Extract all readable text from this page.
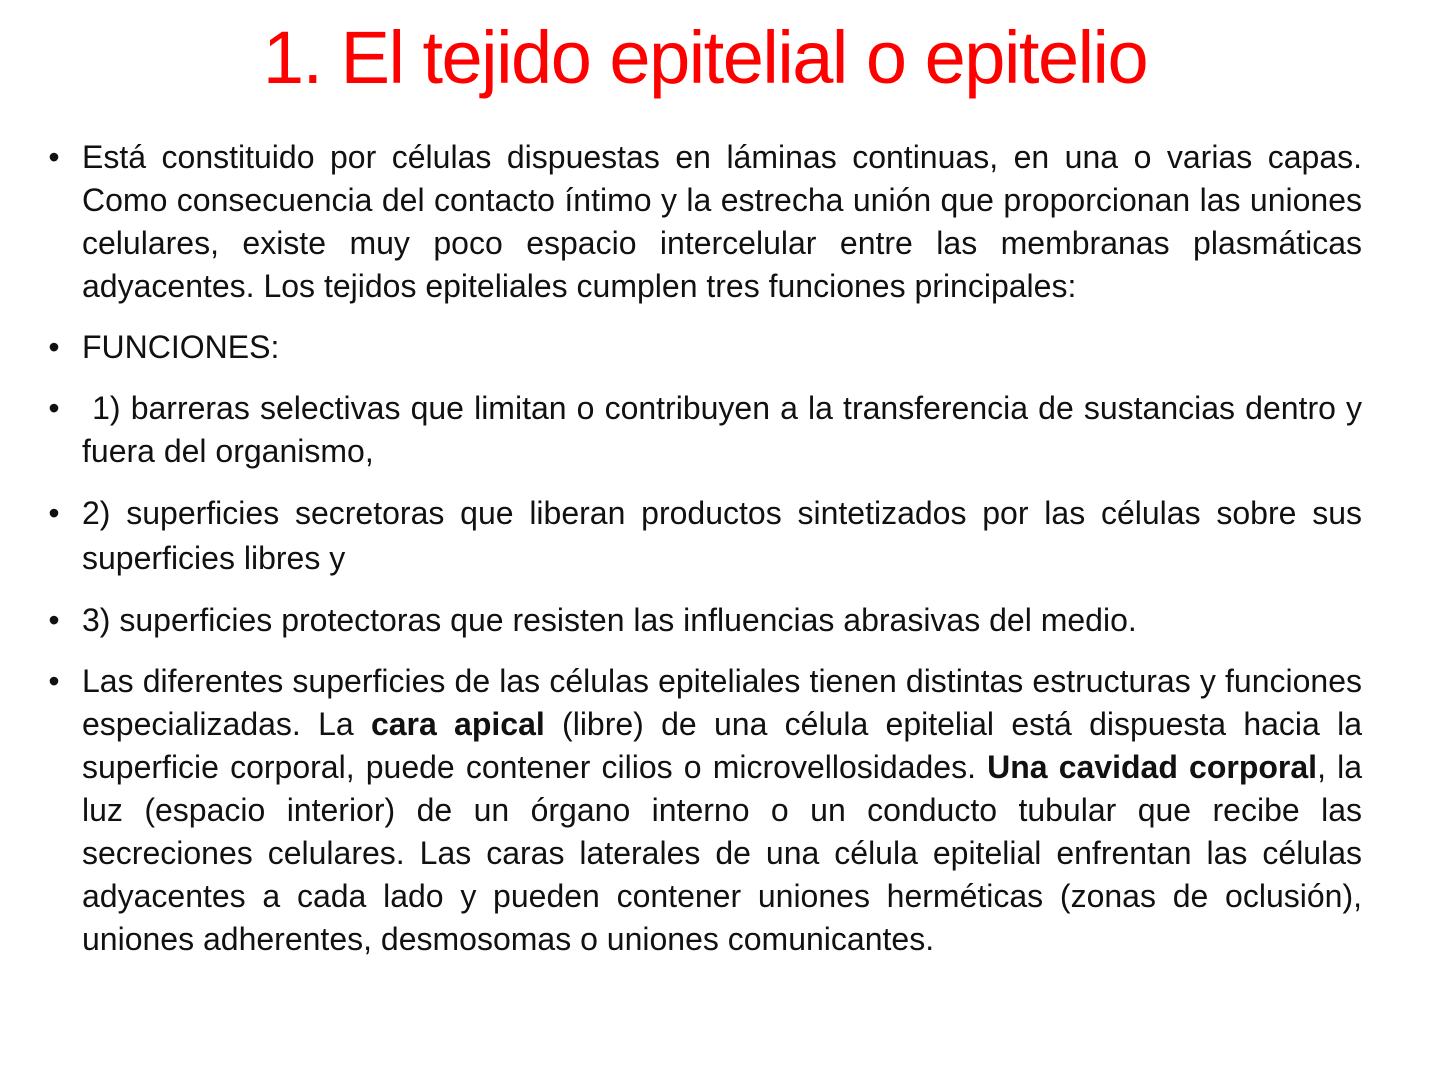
1. El tejido epitelial o epitelio
• Está constituido por células dispuestas en láminas continuas, en una o varias capas. Como consecuencia del contacto íntimo y la estrecha unión que proporcionan las uniones celulares, existe muy poco espacio intercelular entre las membranas plasmáticas adyacentes. Los tejidos epiteliales cumplen tres funciones principales:
• FUNCIONES:
• 1) barreras selectivas que limitan o contribuyen a la transferencia de sustancias dentro y fuera del organismo,
• 2) superficies secretoras que liberan productos sintetizados por las células sobre sus superficies libres y
• 3) superficies protectoras que resisten las influencias abrasivas del medio.
• Las diferentes superficies de las células epiteliales tienen distintas estructuras y funciones especializadas. La cara apical (libre) de una célula epitelial está dispuesta hacia la superficie corporal, puede contener cilios o microvellosidades. Una cavidad corporal, la luz (espacio interior) de un órgano interno o un conducto tubular que recibe las secreciones celulares. Las caras laterales de una célula epitelial enfrentan las células adyacentes a cada lado y pueden contener uniones herméticas (zonas de oclusión), uniones adherentes, desmosomas o uniones comunicantes.
